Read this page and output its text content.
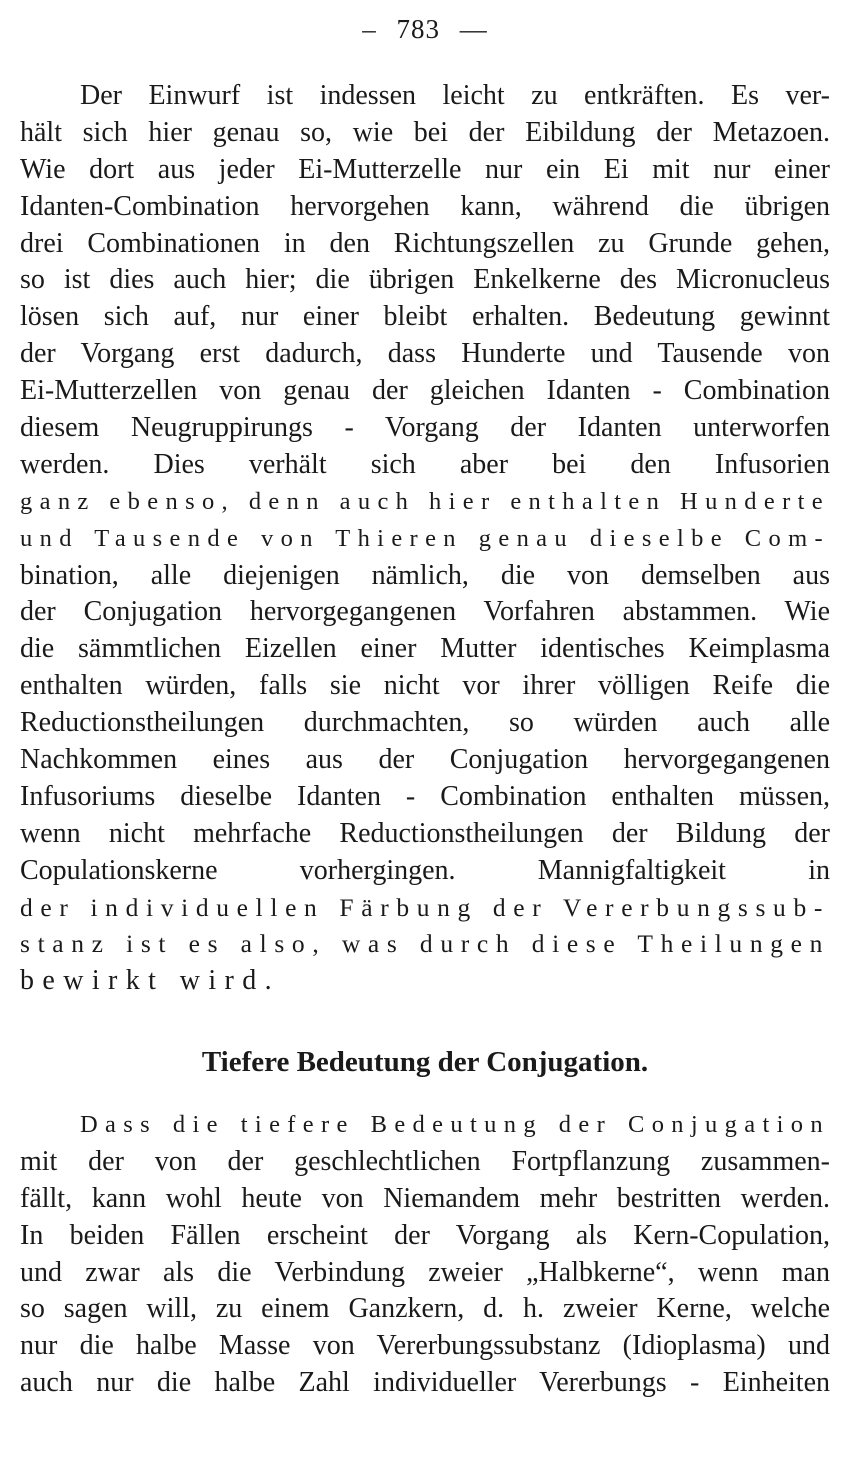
– 783 —
Der Einwurf ist indessen leicht zu entkräften. Es ver-
hält sich hier genau so, wie bei der Eibildung der Metazoen.
Wie dort aus jeder Ei-Mutterzelle nur ein Ei mit nur einer
Idanten-Combination hervorgehen kann, während die übrigen
drei Combinationen in den Richtungszellen zu Grunde gehen,
so ist dies auch hier; die übrigen Enkelkerne des Micronucleus
lösen sich auf, nur einer bleibt erhalten. Bedeutung gewinnt
der Vorgang erst dadurch, dass Hunderte und Tausende von
Ei-Mutterzellen von genau der gleichen Idanten - Combination
diesem Neugruppirungs - Vorgang der Idanten unterworfen
werden. Dies verhält sich aber bei den Infusorien
ganz ebenso, denn auch hier enthalten Hunderte
und Tausende von Thieren genau dieselbe Com-
bination, alle diejenigen nämlich, die von demselben aus
der Conjugation hervorgegangenen Vorfahren abstammen. Wie
die sämmtlichen Eizellen einer Mutter identisches Keimplasma
enthalten würden, falls sie nicht vor ihrer völligen Reife die
Reductionstheilungen durchmachten, so würden auch alle
Nachkommen eines aus der Conjugation hervorgegangenen
Infusoriums dieselbe Idanten - Combination enthalten müssen,
wenn nicht mehrfache Reductionstheilungen der Bildung der
Copulationskerne vorhergingen. Mannigfaltigkeit in
der individuellen Färbung der Vererbungssub-
stanz ist es also, was durch diese Theilungen
bewirkt wird.
Tiefere Bedeutung der Conjugation.
Dass die tiefere Bedeutung der Conjugation
mit der von der geschlechtlichen Fortpflanzung zusammen-
fällt, kann wohl heute von Niemandem mehr bestritten werden.
In beiden Fällen erscheint der Vorgang als Kern-Copulation,
und zwar als die Verbindung zweier „Halbkerne“, wenn man
so sagen will, zu einem Ganzkern, d. h. zweier Kerne, welche
nur die halbe Masse von Vererbungssubstanz (Idioplasma) und
auch nur die halbe Zahl individueller Vererbungs - Einheiten
